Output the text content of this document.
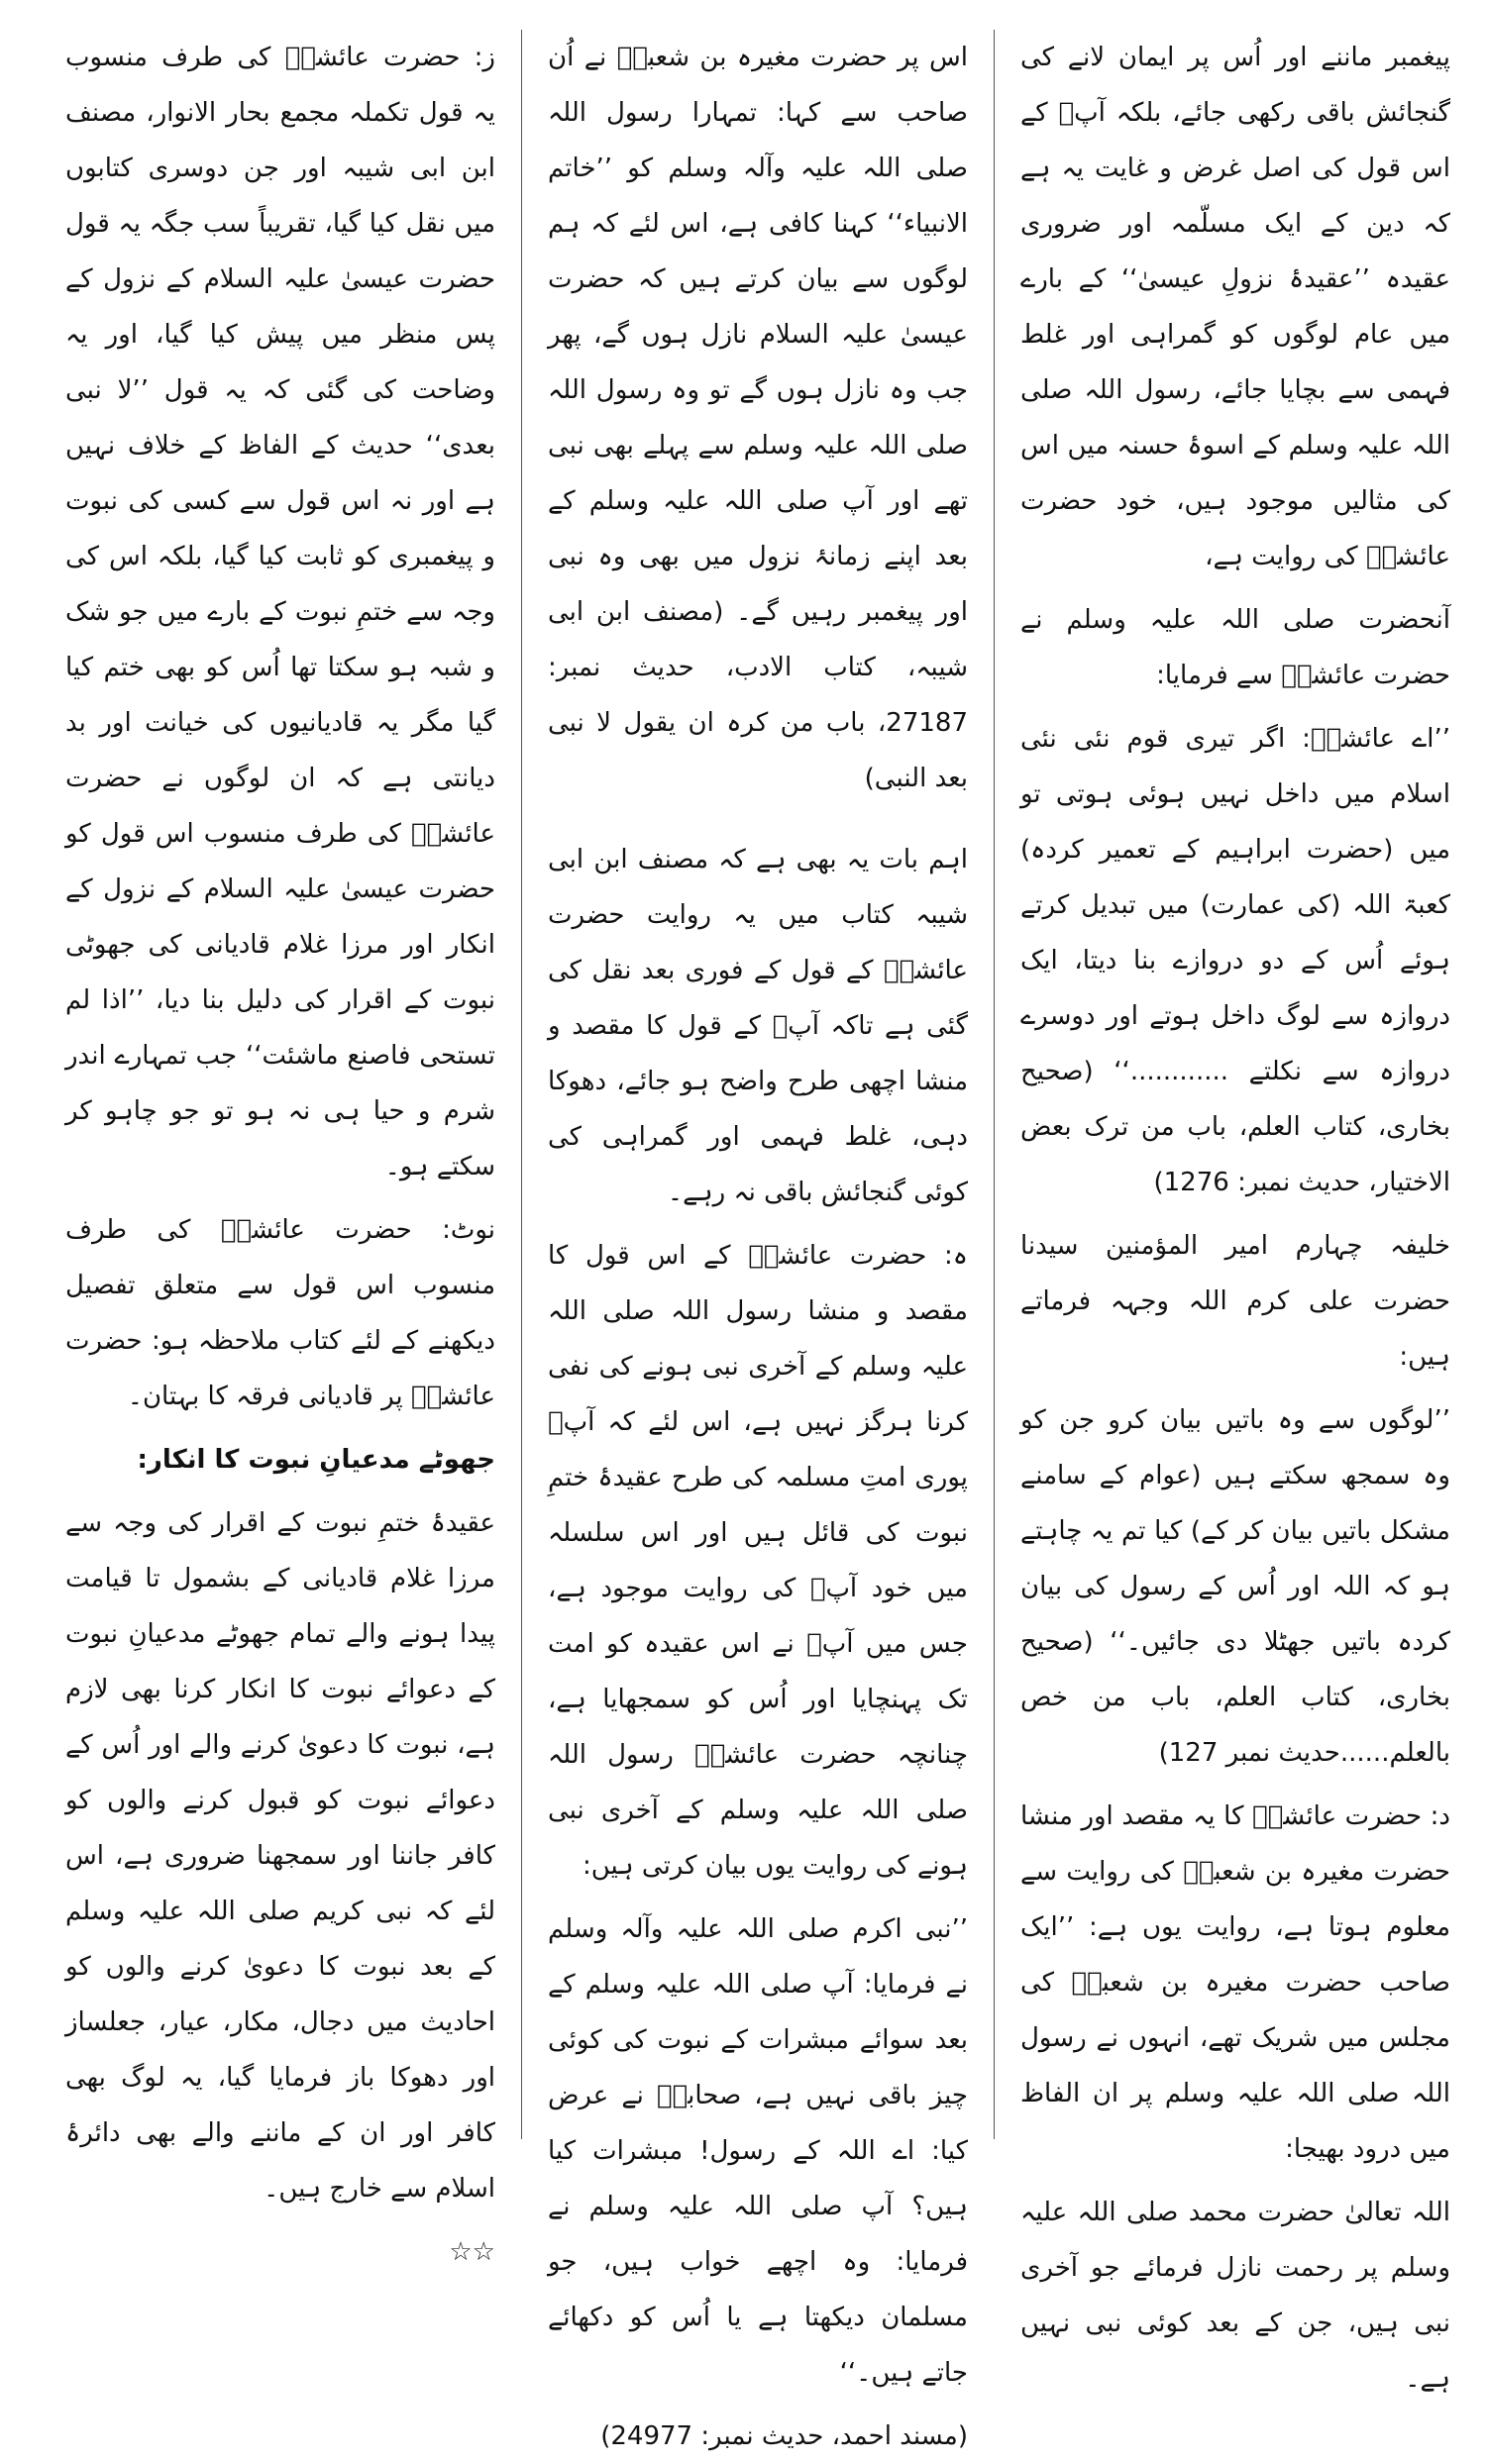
پیغمبر ماننے اور اُس پر ایمان لانے کی گنجائش باقی رکھی جائے، بلکہ آپؓ کے اس قول کی اصل غرض و غایت یہ ہے کہ دین کے ایک مسلّمہ اور ضروری عقیدہ ’’عقیدۂ نزولِ عیسیٰ‘‘ کے بارے میں عام لوگوں کو گمراہی اور غلط فہمی سے بچایا جائے، رسول اللہ صلی اللہ علیہ وسلم کے اسوۂ حسنہ میں اس کی مثالیں موجود ہیں، خود حضرت عائشہؓ کی روایت ہے،

آنحضرت صلی اللہ علیہ وسلم نے حضرت عائشہؓ سے فرمایا:

’’اے عائشہؓ: اگر تیری قوم نئی نئی اسلام میں داخل نہیں ہوئی ہوتی تو میں (حضرت ابراہیم کے تعمیر کردہ) کعبۃ اللہ (کی عمارت) میں تبدیل کرتے ہوئے اُس کے دو دروازے بنا دیتا، ایک دروازہ سے لوگ داخل ہوتے اور دوسرے دروازہ سے نکلتے ............‘‘ (صحیح بخاری، کتاب العلم، باب من ترک بعض الاختیار، حدیث نمبر: 1276)

خلیفہ چہارم امیر المؤمنین سیدنا حضرت علی کرم اللہ وجہہ فرماتے ہیں:

’’لوگوں سے وہ باتیں بیان کرو جن کو وہ سمجھ سکتے ہیں (عوام کے سامنے مشکل باتیں بیان کر کے) کیا تم یہ چاہتے ہو کہ اللہ اور اُس کے رسول کی بیان کردہ باتیں جھٹلا دی جائیں۔‘‘ (صحیح بخاری، کتاب العلم، باب من خص بالعلم......حدیث نمبر 127)

د: حضرت عائشہؓ کا یہ مقصد اور منشا حضرت مغیرہ بن شعبہؓ کی روایت سے معلوم ہوتا ہے، روایت یوں ہے: ’’ایک صاحب حضرت مغیرہ بن شعبہؓ کی مجلس میں شریک تھے، انہوں نے رسول اللہ صلی اللہ علیہ وسلم پر ان الفاظ میں درود بھیجا:

اللہ تعالیٰ حضرت محمد صلی اللہ علیہ وسلم پر رحمت نازل فرمائے جو آخری نبی ہیں، جن کے بعد کوئی نبی نہیں ہے۔

اس پر حضرت مغیرہ بن شعبہؓ نے اُن صاحب سے کہا: تمہارا رسول اللہ صلی اللہ علیہ وآلہ وسلم کو ’’خاتم الانبیاء‘‘ کہنا کافی ہے، اس لئے کہ ہم لوگوں سے بیان کرتے ہیں کہ حضرت عیسیٰ علیہ السلام نازل ہوں گے، پھر جب وہ نازل ہوں گے تو وہ رسول اللہ صلی اللہ علیہ وسلم سے پہلے بھی نبی تھے اور آپ صلی اللہ علیہ وسلم کے بعد اپنے زمانۂ نزول میں بھی وہ نبی اور پیغمبر رہیں گے۔ (مصنف ابن ابی شیبہ، کتاب الادب، حدیث نمبر: 27187، باب من کرہ ان یقول لا نبی بعد النبی)

اہم بات یہ بھی ہے کہ مصنف ابن ابی شیبہ کتاب میں یہ روایت حضرت عائشہؓ کے قول کے فوری بعد نقل کی گئی ہے تاکہ آپؓ کے قول کا مقصد و منشا اچھی طرح واضح ہو جائے، دھوکا دہی، غلط فہمی اور گمراہی کی کوئی گنجائش باقی نہ رہے۔

ہ: حضرت عائشہؓ کے اس قول کا مقصد و منشا رسول اللہ صلی اللہ علیہ وسلم کے آخری نبی ہونے کی نفی کرنا ہرگز نہیں ہے، اس لئے کہ آپؓ پوری امتِ مسلمہ کی طرح عقیدۂ ختمِ نبوت کی قائل ہیں اور اس سلسلہ میں خود آپؓ کی روایت موجود ہے، جس میں آپؓ نے اس عقیدہ کو امت تک پہنچایا اور اُس کو سمجھایا ہے، چنانچہ حضرت عائشہؓ رسول اللہ صلی اللہ علیہ وسلم کے آخری نبی ہونے کی روایت یوں بیان کرتی ہیں:

’’نبی اکرم صلی اللہ علیہ وآلہ وسلم نے فرمایا: آپ صلی اللہ علیہ وسلم کے بعد سوائے مبشرات کے نبوت کی کوئی چیز باقی نہیں ہے، صحابہؓ نے عرض کیا: اے اللہ کے رسول! مبشرات کیا ہیں؟ آپ صلی اللہ علیہ وسلم نے فرمایا: وہ اچھے خواب ہیں، جو مسلمان دیکھتا ہے یا اُس کو دکھائے جاتے ہیں۔‘‘

(مسند احمد، حدیث نمبر: 24977)

ز: حضرت عائشہؓ کی طرف منسوب یہ قول تکملہ مجمع بحار الانوار، مصنف ابن ابی شیبہ اور جن دوسری کتابوں میں نقل کیا گیا، تقریباً سب جگہ یہ قول حضرت عیسیٰ علیہ السلام کے نزول کے پس منظر میں پیش کیا گیا، اور یہ وضاحت کی گئی کہ یہ قول ’’لا نبی بعدی‘‘ حدیث کے الفاظ کے خلاف نہیں ہے اور نہ اس قول سے کسی کی نبوت و پیغمبری کو ثابت کیا گیا، بلکہ اس کی وجہ سے ختمِ نبوت کے بارے میں جو شک و شبہ ہو سکتا تھا اُس کو بھی ختم کیا گیا مگر یہ قادیانیوں کی خیانت اور بد دیانتی ہے کہ ان لوگوں نے حضرت عائشہؓ کی طرف منسوب اس قول کو حضرت عیسیٰ علیہ السلام کے نزول کے انکار اور مرزا غلام قادیانی کی جھوٹی نبوت کے اقرار کی دلیل بنا دیا، ’’اذا لم تستحی فاصنع ماشئت‘‘ جب تمہارے اندر شرم و حیا ہی نہ ہو تو جو چاہو کر سکتے ہو۔

نوٹ: حضرت عائشہؓ کی طرف منسوب اس قول سے متعلق تفصیل دیکھنے کے لئے کتاب ملاحظہ ہو: حضرت عائشہؓ پر قادیانی فرقہ کا بہتان۔

جھوٹے مدعیانِ نبوت کا انکار:

عقیدۂ ختمِ نبوت کے اقرار کی وجہ سے مرزا غلام قادیانی کے بشمول تا قیامت پیدا ہونے والے تمام جھوٹے مدعیانِ نبوت کے دعوائے نبوت کا انکار کرنا بھی لازم ہے، نبوت کا دعویٰ کرنے والے اور اُس کے دعوائے نبوت کو قبول کرنے والوں کو کافر جاننا اور سمجھنا ضروری ہے، اس لئے کہ نبی کریم صلی اللہ علیہ وسلم کے بعد نبوت کا دعویٰ کرنے والوں کو احادیث میں دجال، مکار، عیار، جعلساز اور دھوکا باز فرمایا گیا، یہ لوگ بھی کافر اور ان کے ماننے والے بھی دائرۂ اسلام سے خارج ہیں۔

☆☆
